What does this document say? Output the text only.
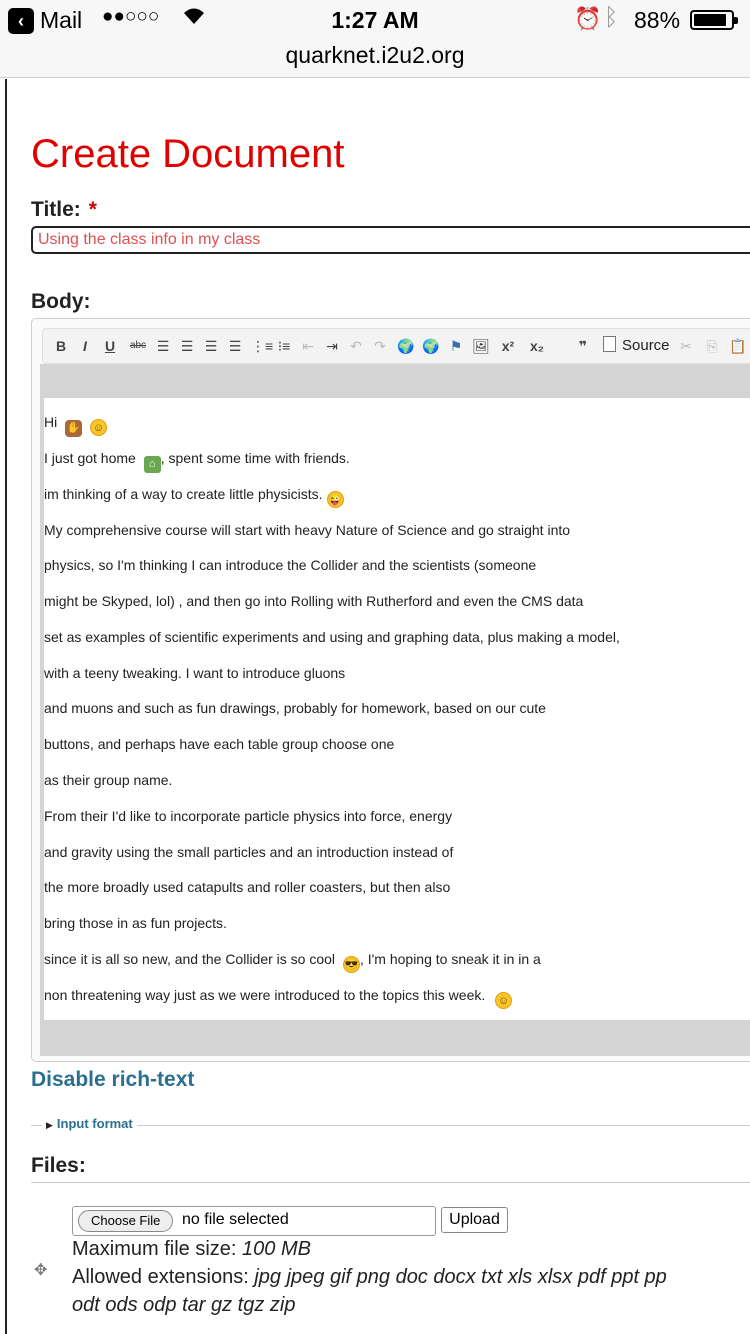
‹ Mail ●●○○○	1:27 AM	⏰ ᛒ 88%
quarknet.i2u2.org
Create Document
Title: *
Using the class info in my class
Body:
B I U abc ☰ ☰ ☰ ☰ ⋮≡ ⁝≡ ⇤ ⇥ ↶ ↷ 🌍 🌍 ⚑ 🖼 x²	x₂	❞	Source ✂ ⎘ 📋
Hi ✋ ☺
I just got home ⌂ , spent some time with friends.
im thinking of a way to create little physicists. 😜
My comprehensive course will start with heavy Nature of Science and go straight into
physics, so I'm thinking I can introduce the Collider and the scientists (someone
might be Skyped, lol) , and then go into Rolling with Rutherford and even the CMS data
set as examples of scientific experiments and using and graphing data, plus making a model,
with a teeny tweaking. I want to introduce gluons
and muons and such as fun drawings, probably for homework, based on our cute
buttons, and perhaps have each table group choose one
as their group name.
From their I'd like to incorporate particle physics into force, energy
and gravity using the small particles and an introduction instead of
the more broadly used catapults and roller coasters, but then also
bring those in as fun projects.
since it is all so new, and the Collider is so cool 😎 , I'm hoping to sneak it in in a
non threatening way just as we were introduced to the topics this week. ☺
Disable rich-text
▶ Input format
Files:
Choose File	no file selected	Upload
✥
Maximum file size: 100 MB
Allowed extensions: jpg jpeg gif png doc docx txt xls xlsx pdf ppt pp
odt ods odp tar gz tgz zip
